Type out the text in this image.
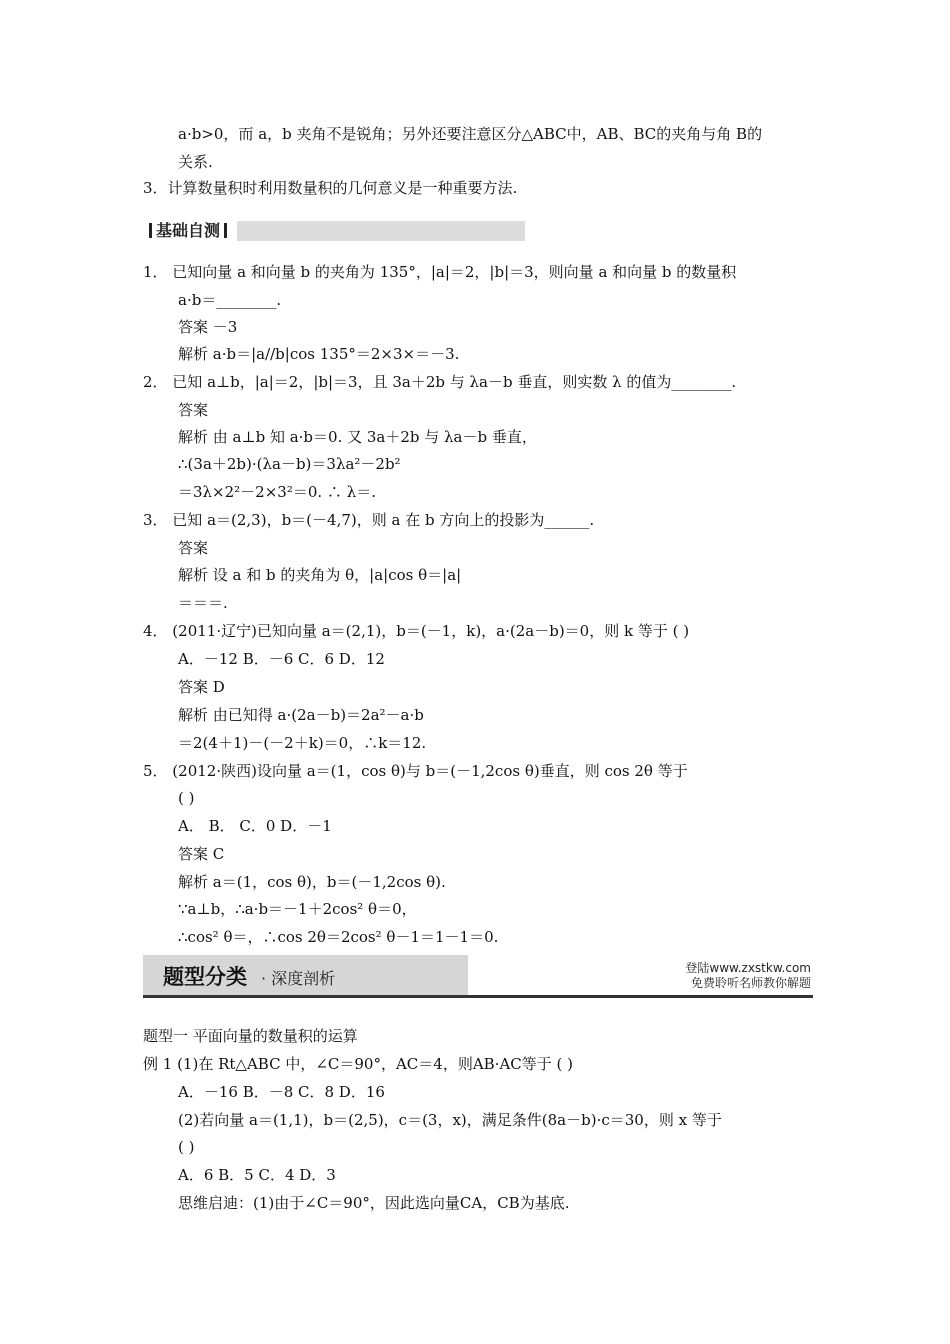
a·b>0，而 a，b 夹角不是锐角；另外还要注意区分△ABC中，AB、BC的夹角与角 B的
关系.
3．计算数量积时利用数量积的几何意义是一种重要方法.
基础自测
1． 已知向量 a 和向量 b 的夹角为 135°，|a|＝2，|b|＝3，则向量 a 和向量 b 的数量积
a·b＝________.
答案 －3
解析 a·b＝|a//b|cos 135°＝2×3×＝－3.
2． 已知 a⊥b，|a|＝2，|b|＝3，且 3a＋2b 与 λa－b 垂直，则实数 λ 的值为________.
答案
解析 由 a⊥b 知 a·b＝0. 又 3a＋2b 与 λa－b 垂直，
∴(3a＋2b)·(λa－b)＝3λa²－2b²
＝3λ×2²－2×3²＝0. ∴ λ＝.
3． 已知 a＝(2,3)，b＝(－4,7)，则 a 在 b 方向上的投影为______.
答案
解析 设 a 和 b 的夹角为 θ，|a|cos θ＝|a|
＝＝＝.
4． (2011·辽宁)已知向量 a＝(2,1)，b＝(－1，k)，a·(2a－b)＝0，则 k 等于 ( )
A．－12 B．－6 C．6 D．12
答案 D
解析 由已知得 a·(2a－b)＝2a²－a·b
＝2(4＋1)－(－2＋k)＝0，∴k＝12.
5． (2012·陕西)设向量 a＝(1，cos θ)与 b＝(－1,2cos θ)垂直，则 cos 2θ 等于
( )
A． B． C．0 D．－1
答案 C
解析 a＝(1，cos θ)，b＝(－1,2cos θ).
∵a⊥b，∴a·b＝－1＋2cos² θ＝0，
∴cos² θ＝，∴cos 2θ＝2cos² θ－1＝1－1＝0.
题型分类 · 深度剖析
登陆www.zxstkw.com
免费聆听名师教你解题
题型一 平面向量的数量积的运算
例 1 (1)在 Rt△ABC 中，∠C＝90°，AC＝4，则AB·AC等于 ( )
A．－16 B．－8 C．8 D．16
(2)若向量 a＝(1,1)，b＝(2,5)，c＝(3，x)，满足条件(8a－b)·c＝30，则 x 等于
( )
A．6 B．5 C．4 D．3
思维启迪：(1)由于∠C＝90°，因此选向量CA，CB为基底.
